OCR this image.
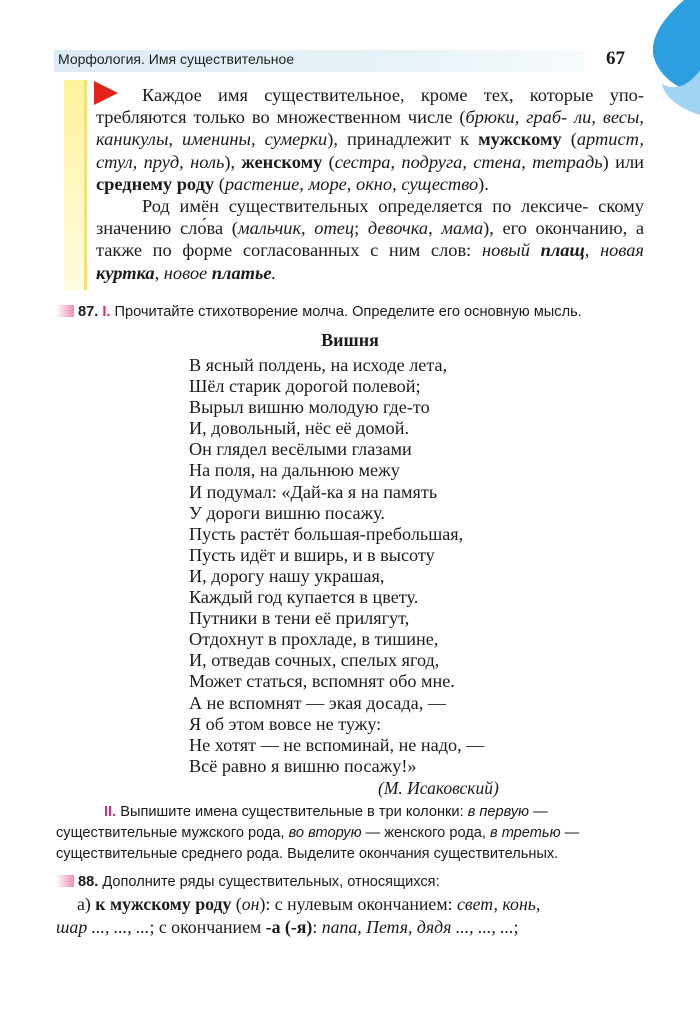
Морфология. Имя существительное	67

Каждое имя существительное, кроме тех, которые упо- требляются только во множественном числе (брюки, граб- ли, весы, каникулы, именины, сумерки), принадлежит к мужскому (артист, стул, пруд, ноль), женскому (сестра, подруга, стена, тетрадь) или среднему роду (растение, море, окно, существо).

Род имён существительных определяется по лексиче- скому значению сло́ва (мальчик, отец; девочка, мама), его окончанию, а также по форме согласованных с ним слов: новый плащ, новая куртка, новое платье.

87. I. Прочитайте стихотворение молча. Определите его основную мысль.
Вишня
В ясный полдень, на исходе лета,
Шёл старик дорогой полевой;
Вырыл вишню молодую где-то
И, довольный, нёс её домой.
Он глядел весёлыми глазами
На поля, на дальнюю межу
И подумал: «Дай-ка я на память
У дороги вишню посажу.
Пусть растёт большая-пребольшая,
Пусть идёт и вширь, и в высоту
И, дорогу нашу украшая,
Каждый год купается в цвету.
Путники в тени её прилягут,
Отдохнут в прохладе, в тишине,
И, отведав сочных, спелых ягод,
Может статься, вспомнят обо мне.
А не вспомнят — экая досада, —
Я об этом вовсе не тужу:
Не хотят — не вспоминай, не надо, —
Всё равно я вишню посажу!»
(М. Исаковский)
II. Выпишите имена существительные в три колонки: в первую —
существительные мужского рода, во вторую — женского рода, в третью —
существительные среднего рода. Выделите окончания существительных.
88. Дополните ряды существительных, относящихся:
а) к мужскому роду (он): с нулевым окончанием: свет, конь,
шар ..., ..., ...; с окончанием -а (-я): папа, Петя, дядя ..., ..., ...;
